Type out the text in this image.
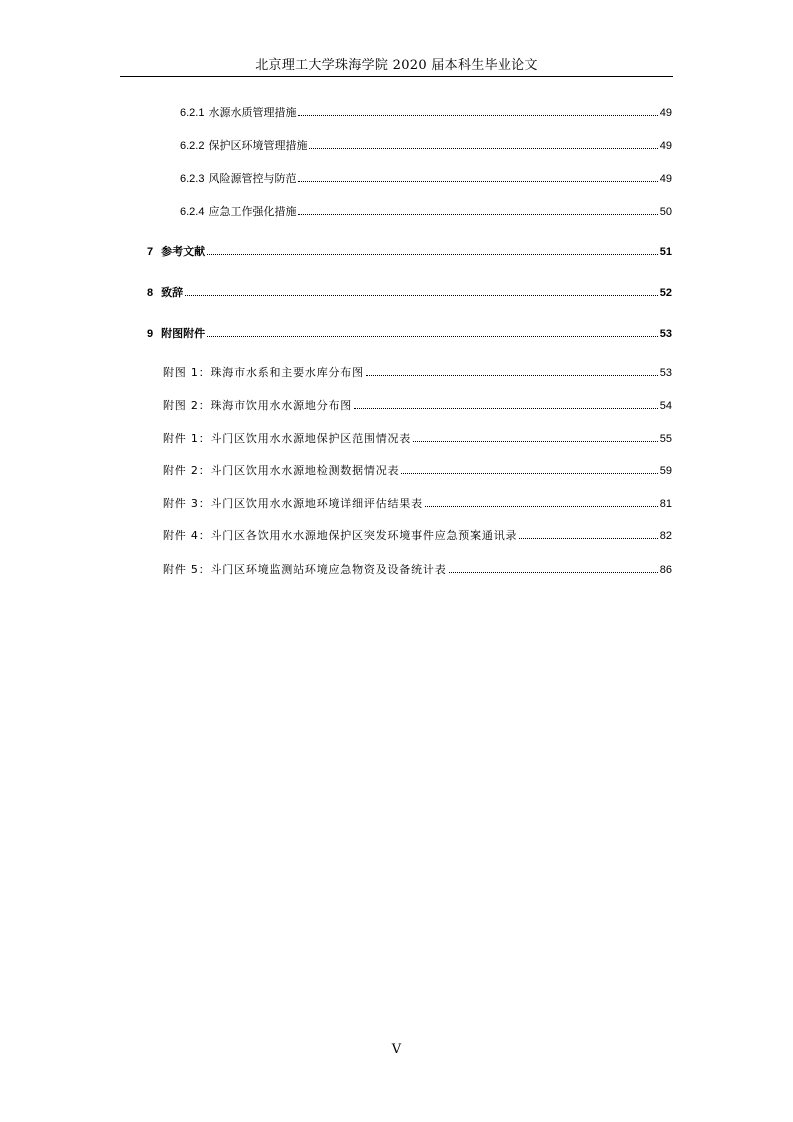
北京理工大学珠海学院 2020 届本科生毕业论文
6.2.1 水源水质管理措施	49
6.2.2 保护区环境管理措施	49
6.2.3 风险源管控与防范	49
6.2.4 应急工作强化措施	50
7 参考文献	51
8 致辞	52
9 附图附件	53
附图 1：珠海市水系和主要水库分布图	53
附图 2：珠海市饮用水水源地分布图	54
附件 1：斗门区饮用水水源地保护区范围情况表	55
附件 2：斗门区饮用水水源地检测数据情况表	59
附件 3：斗门区饮用水水源地环境详细评估结果表	81
附件 4：斗门区各饮用水水源地保护区突发环境事件应急预案通讯录	82
附件 5：斗门区环境监测站环境应急物资及设备统计表	86
V
